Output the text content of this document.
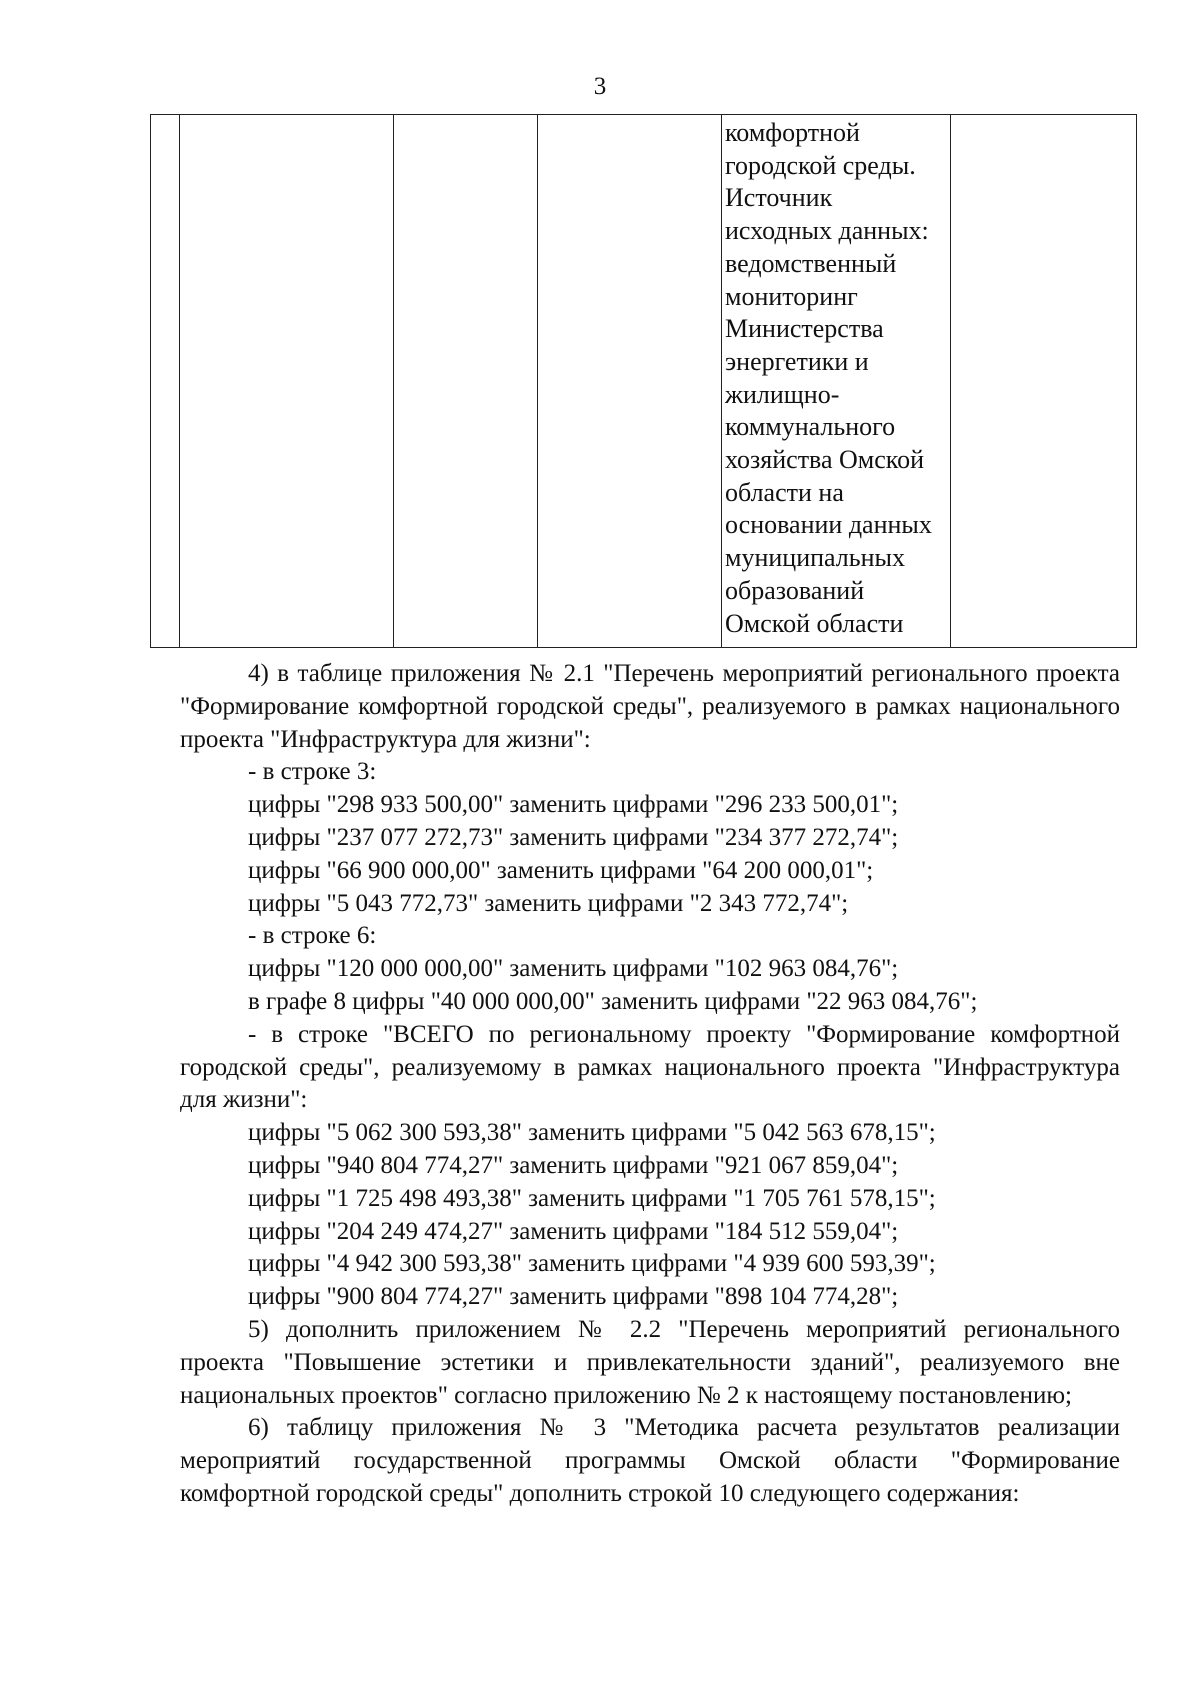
3

комфортной
городской среды.
Источник
исходных данных:
ведомственный
мониторинг
Министерства
энергетики и
жилищно-
коммунального
хозяйства Омской
области на
основании данных
муниципальных
образований
Омской области

4) в таблице приложения № 2.1 "Перечень мероприятий регионального проекта "Формирование комфортной городской среды", реализуемого в рамках национального проекта "Инфраструктура для жизни":

- в строке 3:

цифры "298 933 500,00" заменить цифрами "296 233 500,01";

цифры "237 077 272,73" заменить цифрами "234 377 272,74";

цифры "66 900 000,00" заменить цифрами "64 200 000,01";

цифры "5 043 772,73" заменить цифрами "2 343 772,74";

- в строке 6:

цифры "120 000 000,00" заменить цифрами "102 963 084,76";

в графе 8 цифры "40 000 000,00" заменить цифрами "22 963 084,76";

- в строке "ВСЕГО по региональному проекту "Формирование комфортной городской среды", реализуемому в рамках национального проекта "Инфраструктура для жизни":

цифры "5 062 300 593,38" заменить цифрами "5 042 563 678,15";

цифры "940 804 774,27" заменить цифрами "921 067 859,04";

цифры "1 725 498 493,38" заменить цифрами "1 705 761 578,15";

цифры "204 249 474,27" заменить цифрами "184 512 559,04";

цифры "4 942 300 593,38" заменить цифрами "4 939 600 593,39";

цифры "900 804 774,27" заменить цифрами "898 104 774,28";

5) дополнить приложением № 2.2 "Перечень мероприятий регионального проекта "Повышение эстетики и привлекательности зданий", реализуемого вне национальных проектов" согласно приложению № 2 к настоящему постановлению;

6) таблицу приложения № 3 "Методика расчета результатов реализации мероприятий государственной программы Омской области "Формирование комфортной городской среды" дополнить строкой 10 следующего содержания:
